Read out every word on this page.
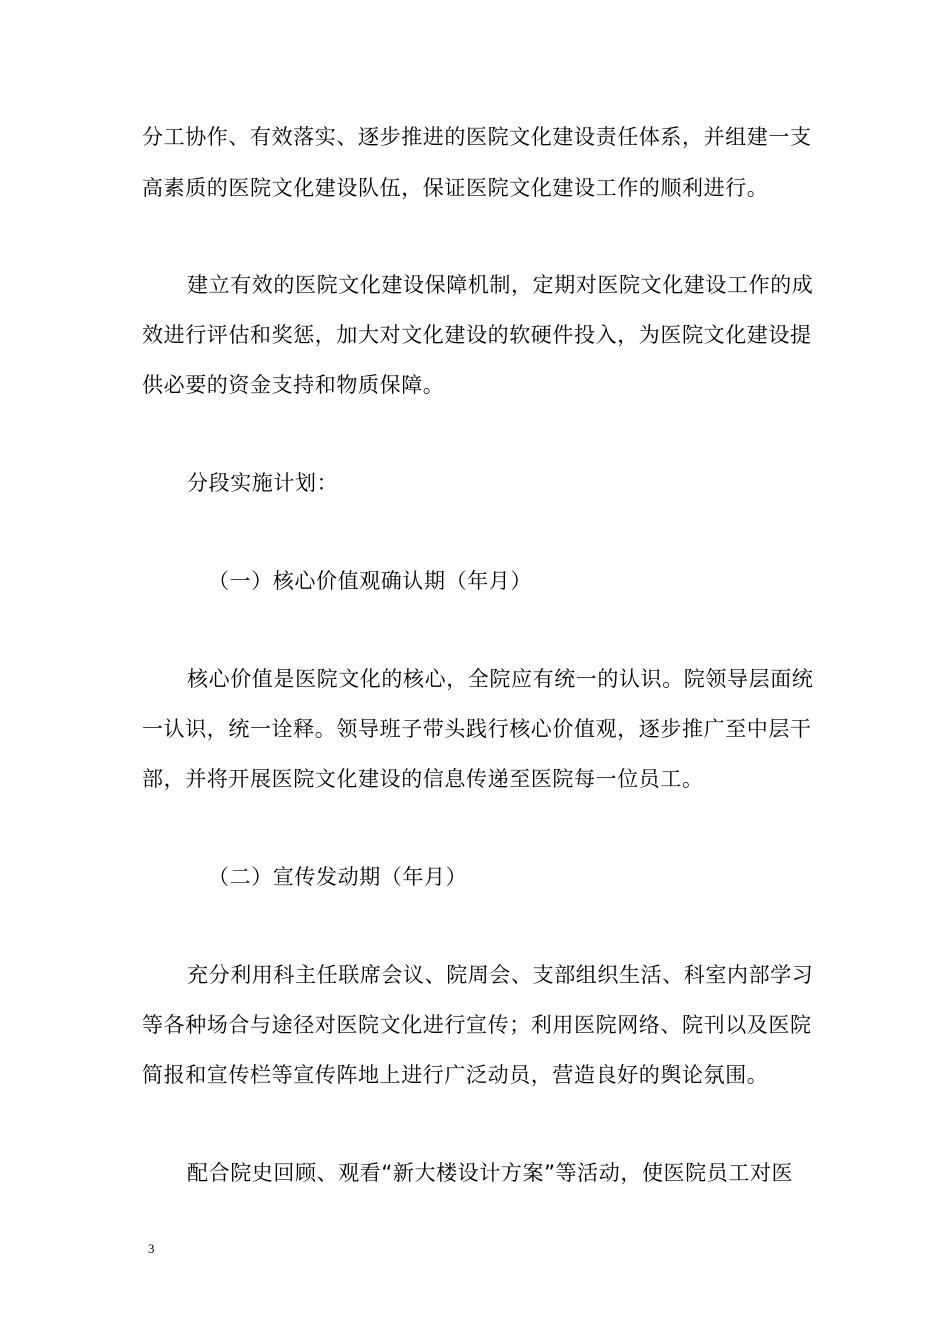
分工协作、有效落实、逐步推进的医院文化建设责任体系，并组建一支
高素质的医院文化建设队伍，保证医院文化建设工作的顺利进行。
建立有效的医院文化建设保障机制，定期对医院文化建设工作的成
效进行评估和奖惩，加大对文化建设的软硬件投入，为医院文化建设提
供必要的资金支持和物质保障。
分段实施计划：
（一）核心价值观确认期（年月）
核心价值是医院文化的核心，全院应有统一的认识。院领导层面统
一认识，统一诠释。领导班子带头践行核心价值观，逐步推广至中层干
部，并将开展医院文化建设的信息传递至医院每一位员工。
（二）宣传发动期（年月）
充分利用科主任联席会议、院周会、支部组织生活、科室内部学习
等各种场合与途径对医院文化进行宣传；利用医院网络、院刊以及医院
简报和宣传栏等宣传阵地上进行广泛动员，营造良好的舆论氛围。
配合院史回顾、观看“新大楼设计方案”等活动，使医院员工对医
3
